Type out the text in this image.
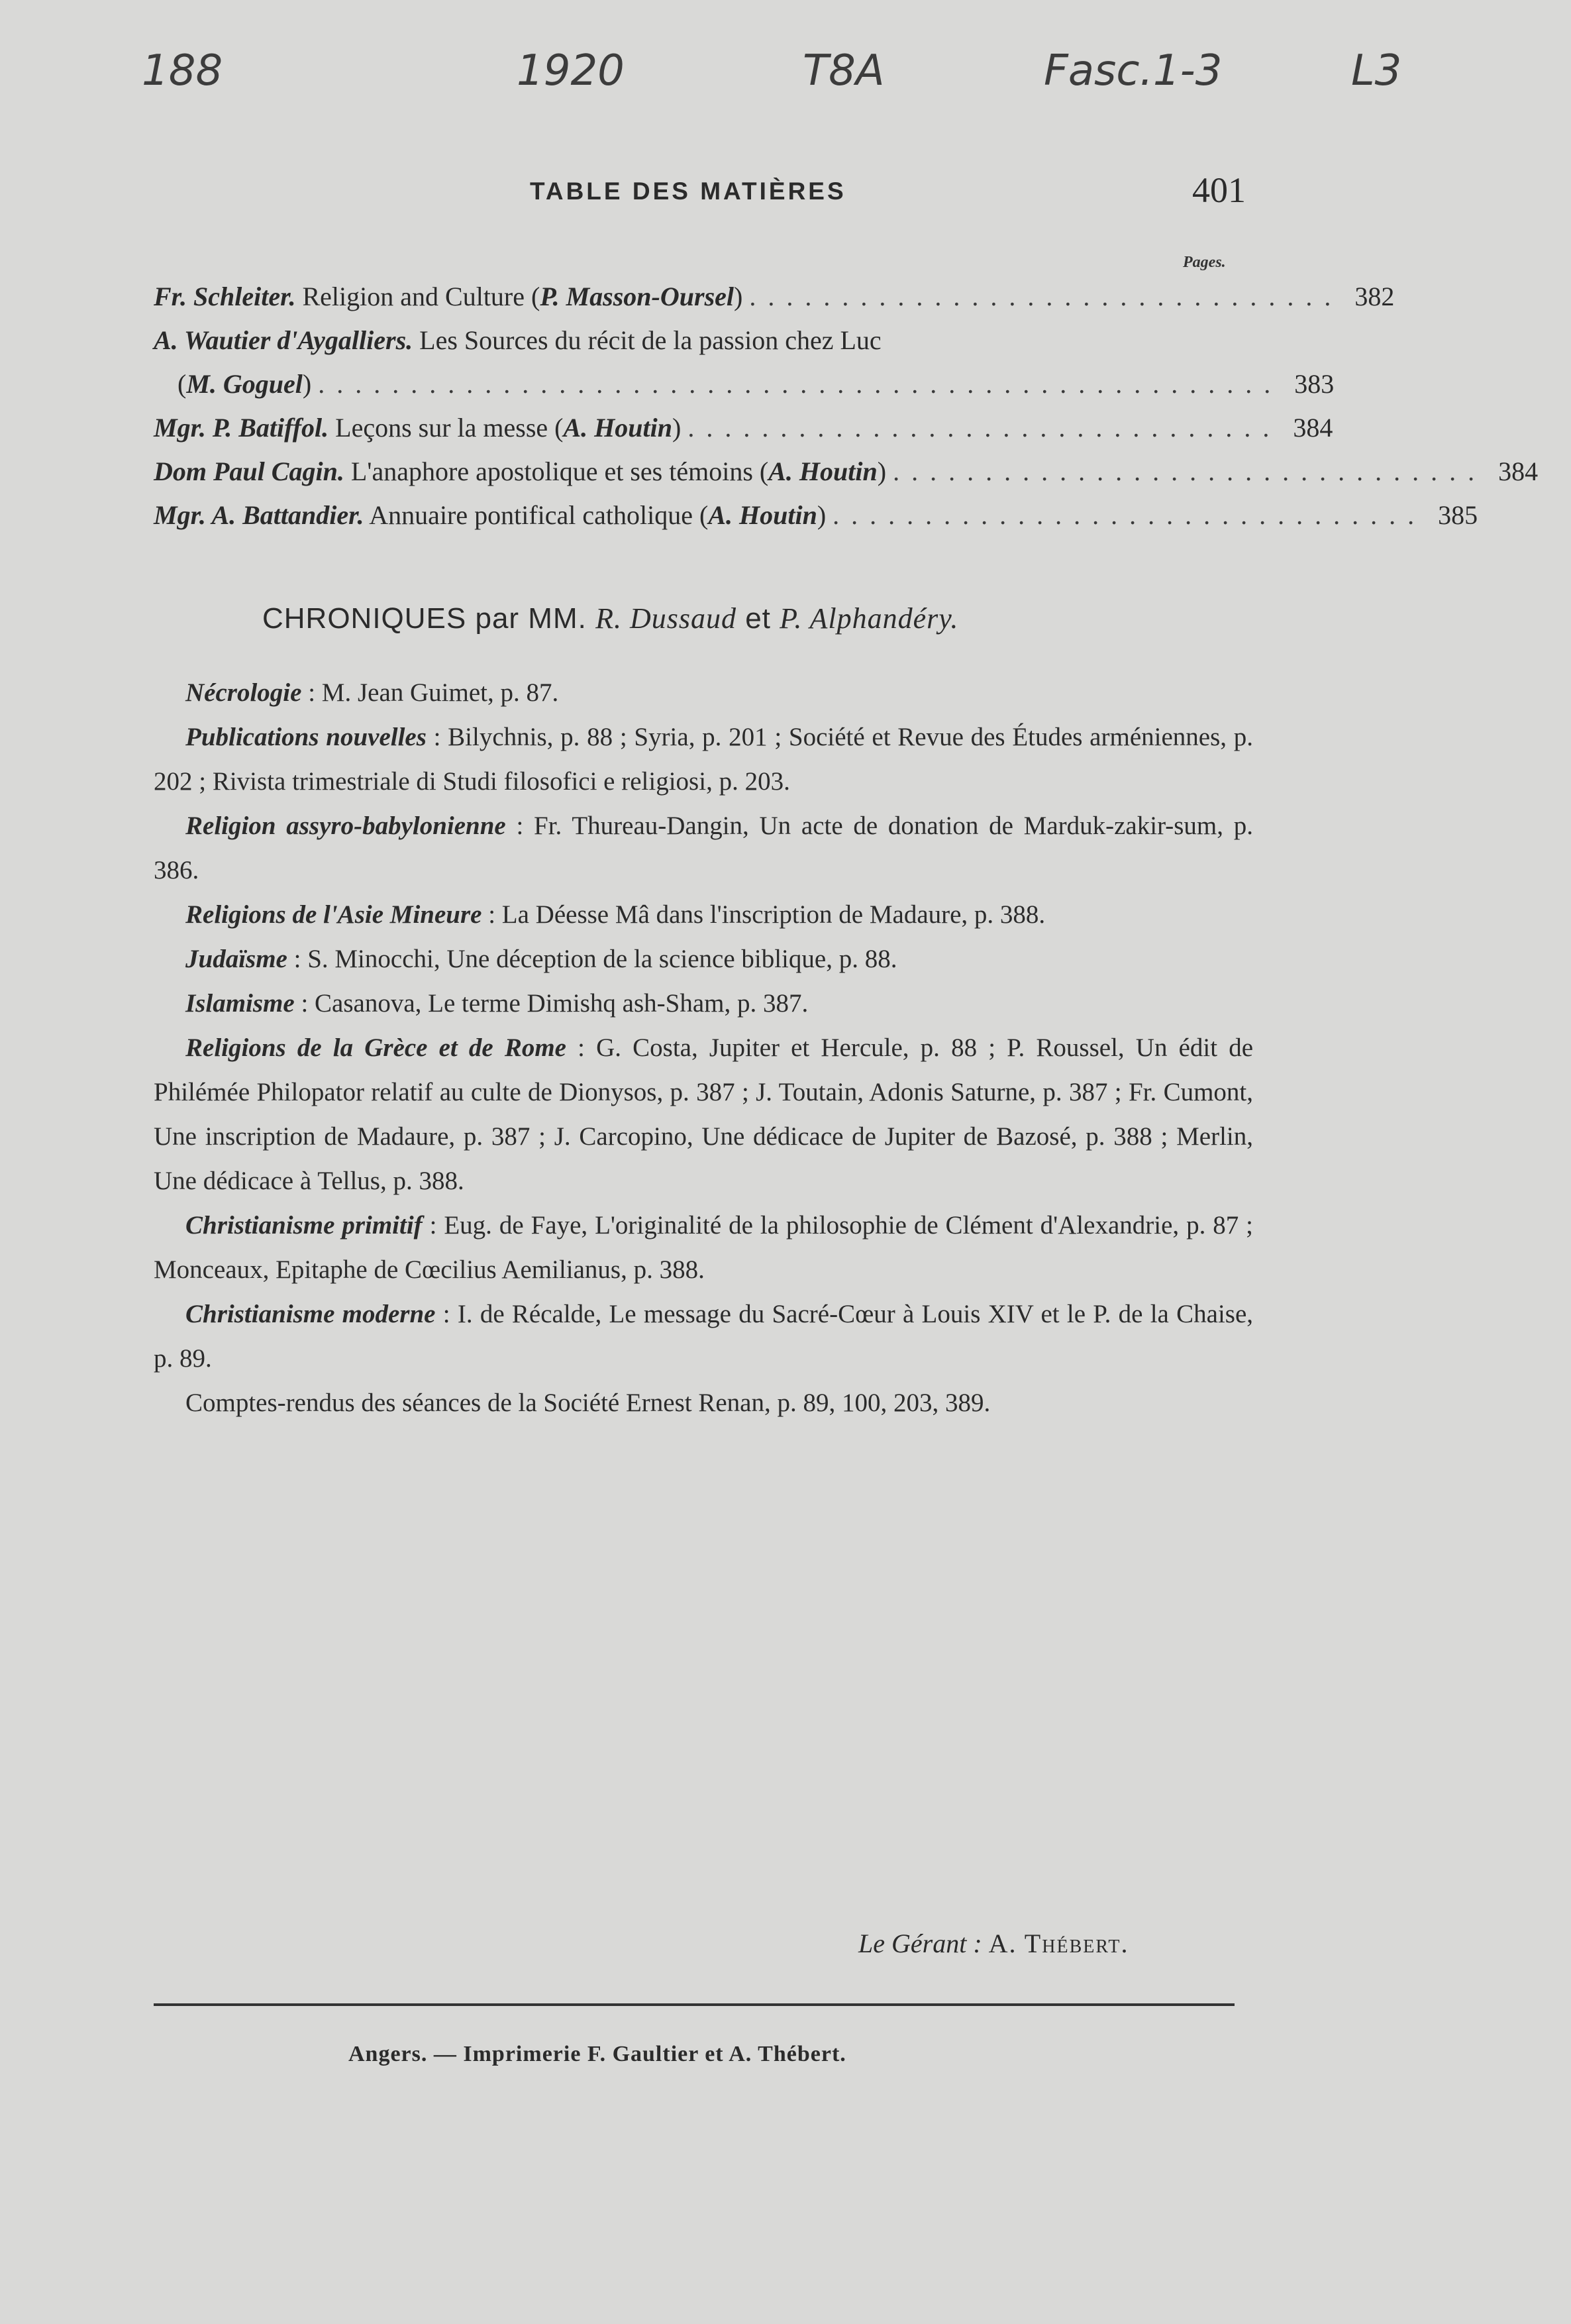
188	1920	T8A	Fasc.1-3	L3
TABLE DES MATIÈRES	401
Pages.
Fr. Schleiter. Religion and Culture (P. Masson-Oursel) ................................ 382
A. Wautier d'Aygalliers. Les Sources du récit de la passion chez Luc
(M. Goguel) .................................................... 383
Mgr. P. Batiffol. Leçons sur la messe (A. Houtin) ................................ 384
Dom Paul Cagin. L'anaphore apostolique et ses témoins (A. Houtin) ................................ 384
Mgr. A. Battandier. Annuaire pontifical catholique (A. Houtin) ................................ 385
CHRONIQUES par MM. R. Dussaud et P. Alphandéry.

Nécrologie : M. Jean Guimet, p. 87.

Publications nouvelles : Bilychnis, p. 88 ; Syria, p. 201 ; Société et Revue des Études arméniennes, p. 202 ; Rivista trimestriale di Studi filosofici e religiosi, p. 203.

Religion assyro-babylonienne : Fr. Thureau-Dangin, Un acte de donation de Marduk-zakir-sum, p. 386.

Religions de l'Asie Mineure : La Déesse Mâ dans l'inscription de Madaure, p. 388.

Judaïsme : S. Minocchi, Une déception de la science biblique, p. 88.

Islamisme : Casanova, Le terme Dimishq ash-Sham, p. 387.

Religions de la Grèce et de Rome : G. Costa, Jupiter et Hercule, p. 88 ; P. Roussel, Un édit de Philémée Philopator relatif au culte de Dionysos, p. 387 ; J. Toutain, Adonis Saturne, p. 387 ; Fr. Cumont, Une inscription de Madaure, p. 387 ; J. Carcopino, Une dédicace de Jupiter de Bazosé, p. 388 ; Merlin, Une dédicace à Tellus, p. 388.

Christianisme primitif : Eug. de Faye, L'originalité de la philosophie de Clément d'Alexandrie, p. 87 ; Monceaux, Epitaphe de Cœcilius Aemilianus, p. 388.

Christianisme moderne : I. de Récalde, Le message du Sacré-Cœur à Louis XIV et le P. de la Chaise, p. 89.

Comptes-rendus des séances de la Société Ernest Renan, p. 89, 100, 203, 389.

Le Gérant : A. Thébert.
Angers. — Imprimerie F. Gaultier et A. Thébert.
